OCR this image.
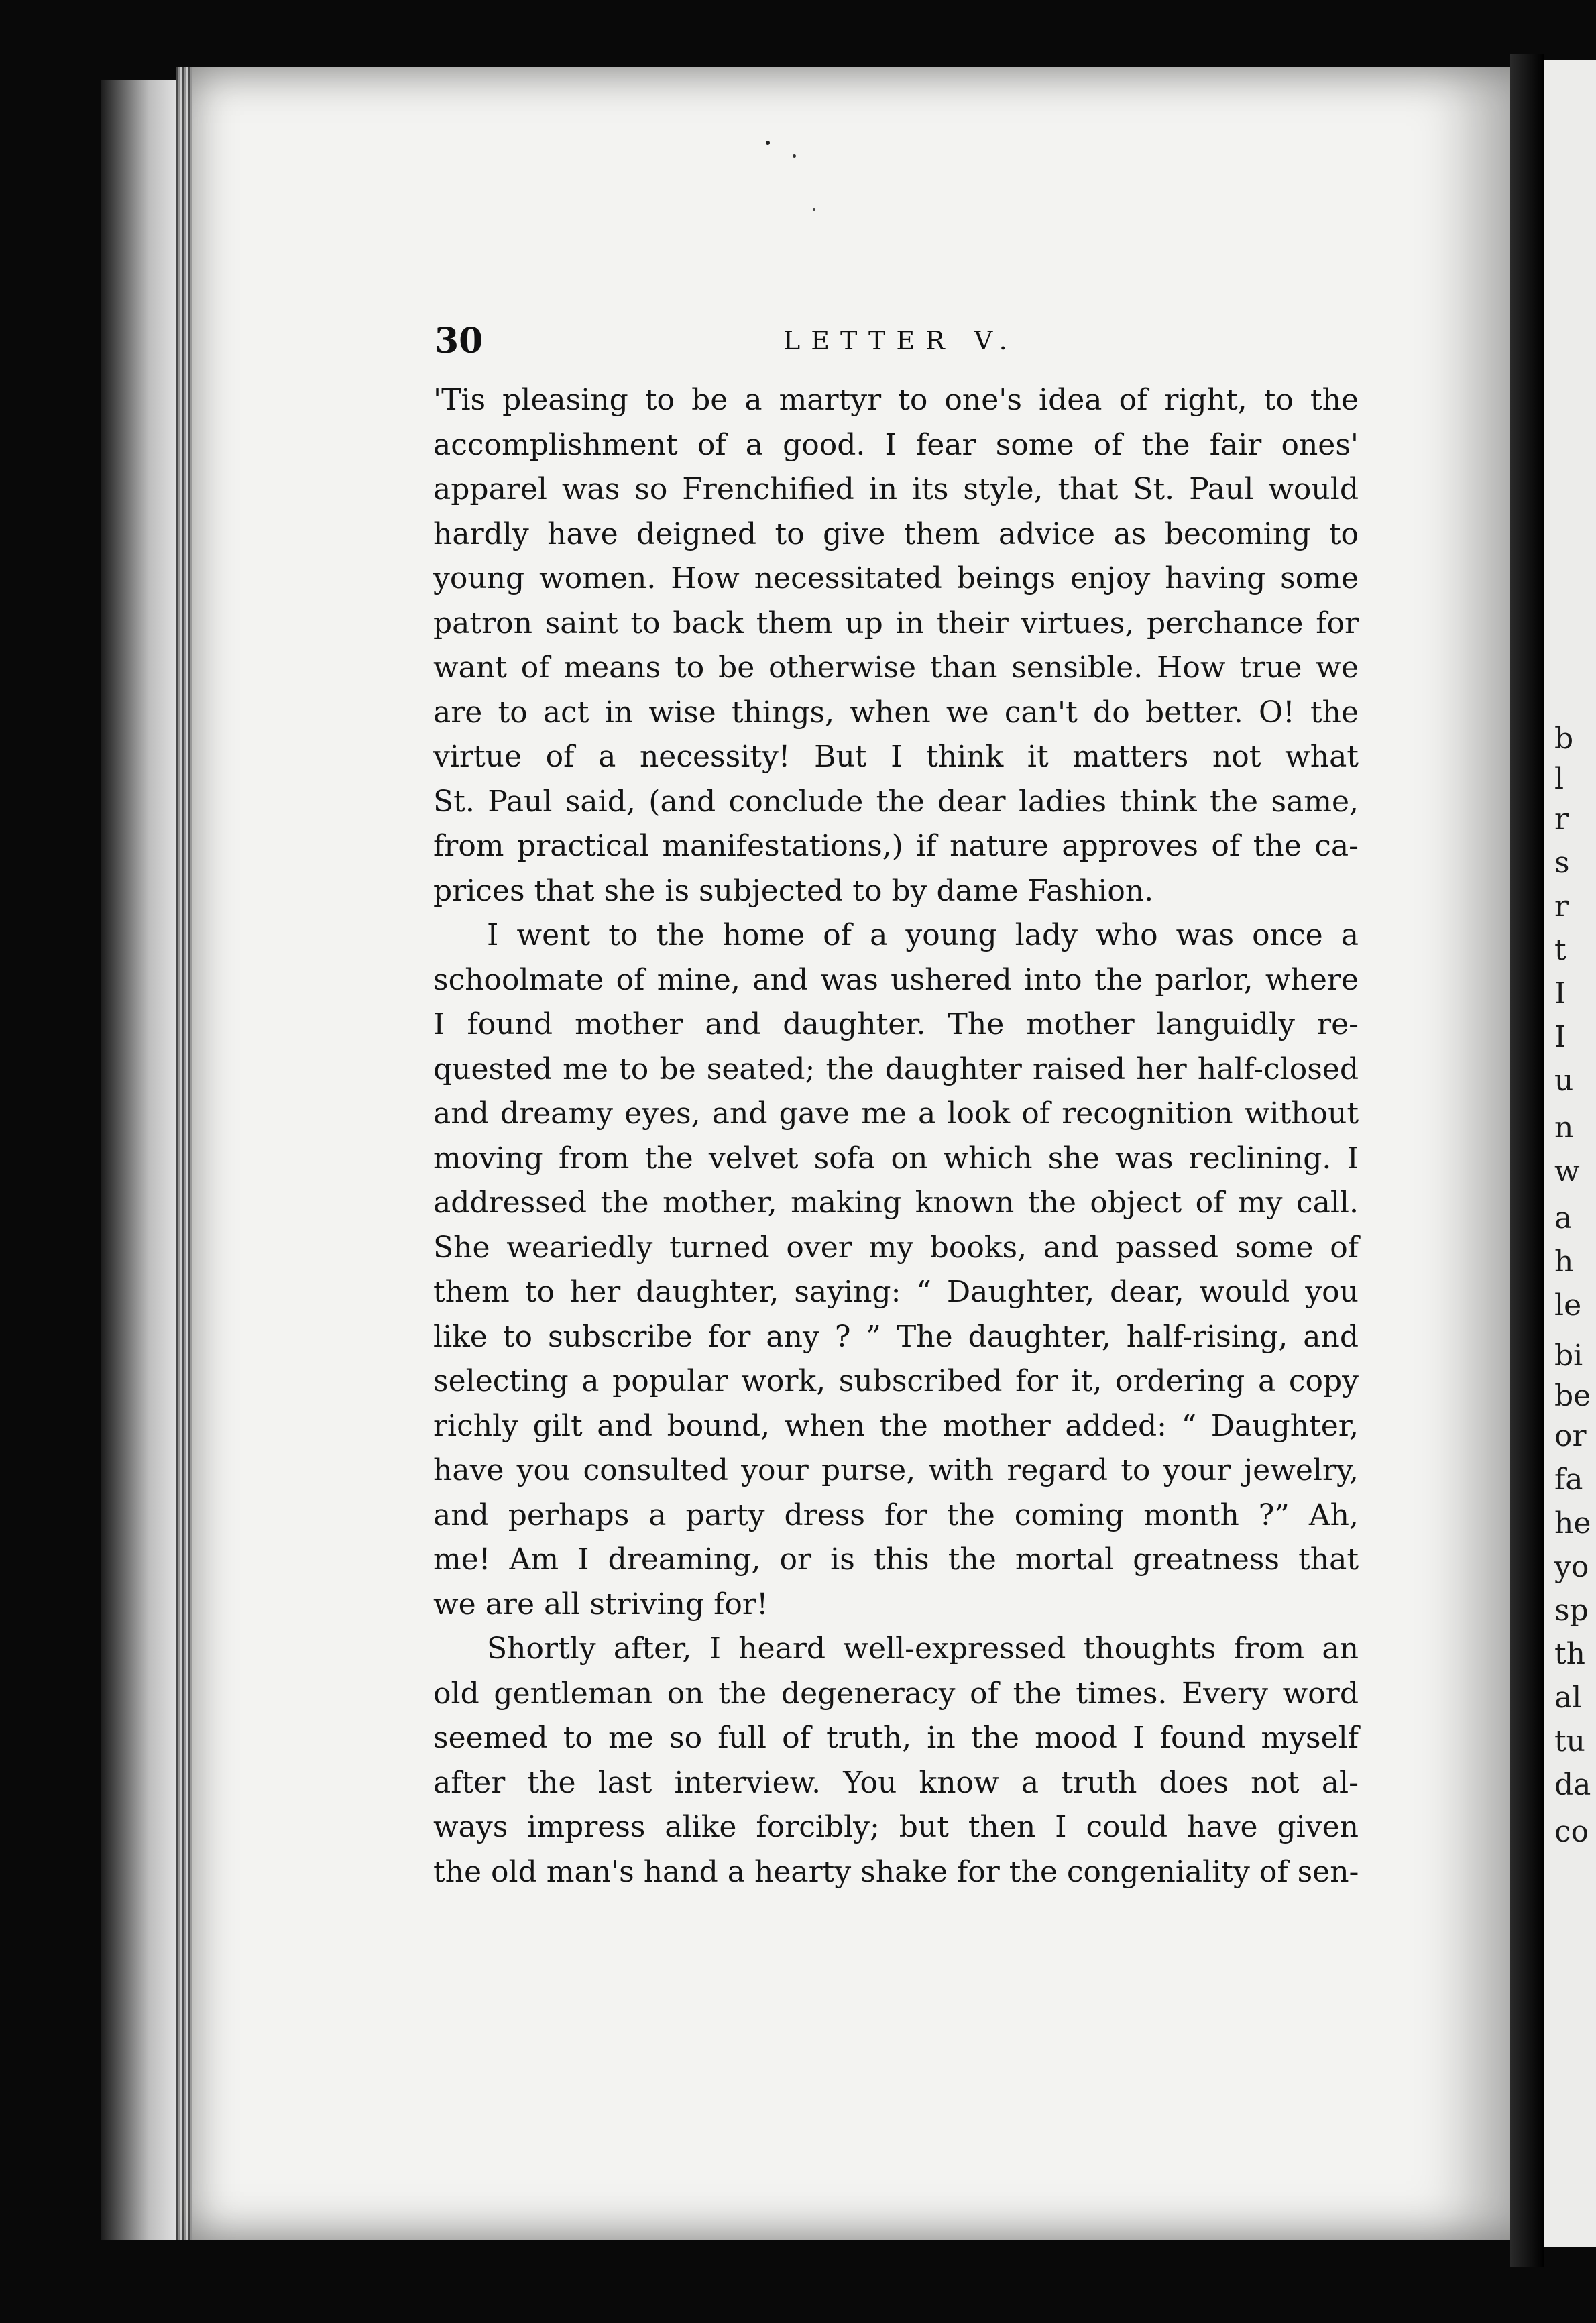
b
l
r
s
r
t
I
I
u
n
w
a
h
le
bi
be
or
fa
he
yo
sp
th
al
tu
da
co
30	LETTER V.
'Tis pleasing to be a martyr to one's idea of right, to the
accomplishment of a good. I fear some of the fair ones'
apparel was so Frenchified in its style, that St. Paul would
hardly have deigned to give them advice as becoming to
young women. How necessitated beings enjoy having some
patron saint to back them up in their virtues, perchance for
want of means to be otherwise than sensible. How true we
are to act in wise things, when we can't do better. O! the
virtue of a necessity! But I think it matters not what
St. Paul said, (and conclude the dear ladies think the same,
from practical manifestations,) if nature approves of the ca-
prices that she is subjected to by dame Fashion.
I went to the home of a young lady who was once a
schoolmate of mine, and was ushered into the parlor, where
I found mother and daughter. The mother languidly re-
quested me to be seated; the daughter raised her half-closed
and dreamy eyes, and gave me a look of recognition without
moving from the velvet sofa on which she was reclining. I
addressed the mother, making known the object of my call.
She weariedly turned over my books, and passed some of
them to her daughter, saying: “ Daughter, dear, would you
like to subscribe for any ? ” The daughter, half-rising, and
selecting a popular work, subscribed for it, ordering a copy
richly gilt and bound, when the mother added: “ Daughter,
have you consulted your purse, with regard to your jewelry,
and perhaps a party dress for the coming month ?” Ah,
me! Am I dreaming, or is this the mortal greatness that
we are all striving for!
Shortly after, I heard well-expressed thoughts from an
old gentleman on the degeneracy of the times. Every word
seemed to me so full of truth, in the mood I found myself
after the last interview. You know a truth does not al-
ways impress alike forcibly; but then I could have given
the old man's hand a hearty shake for the congeniality of sen-
